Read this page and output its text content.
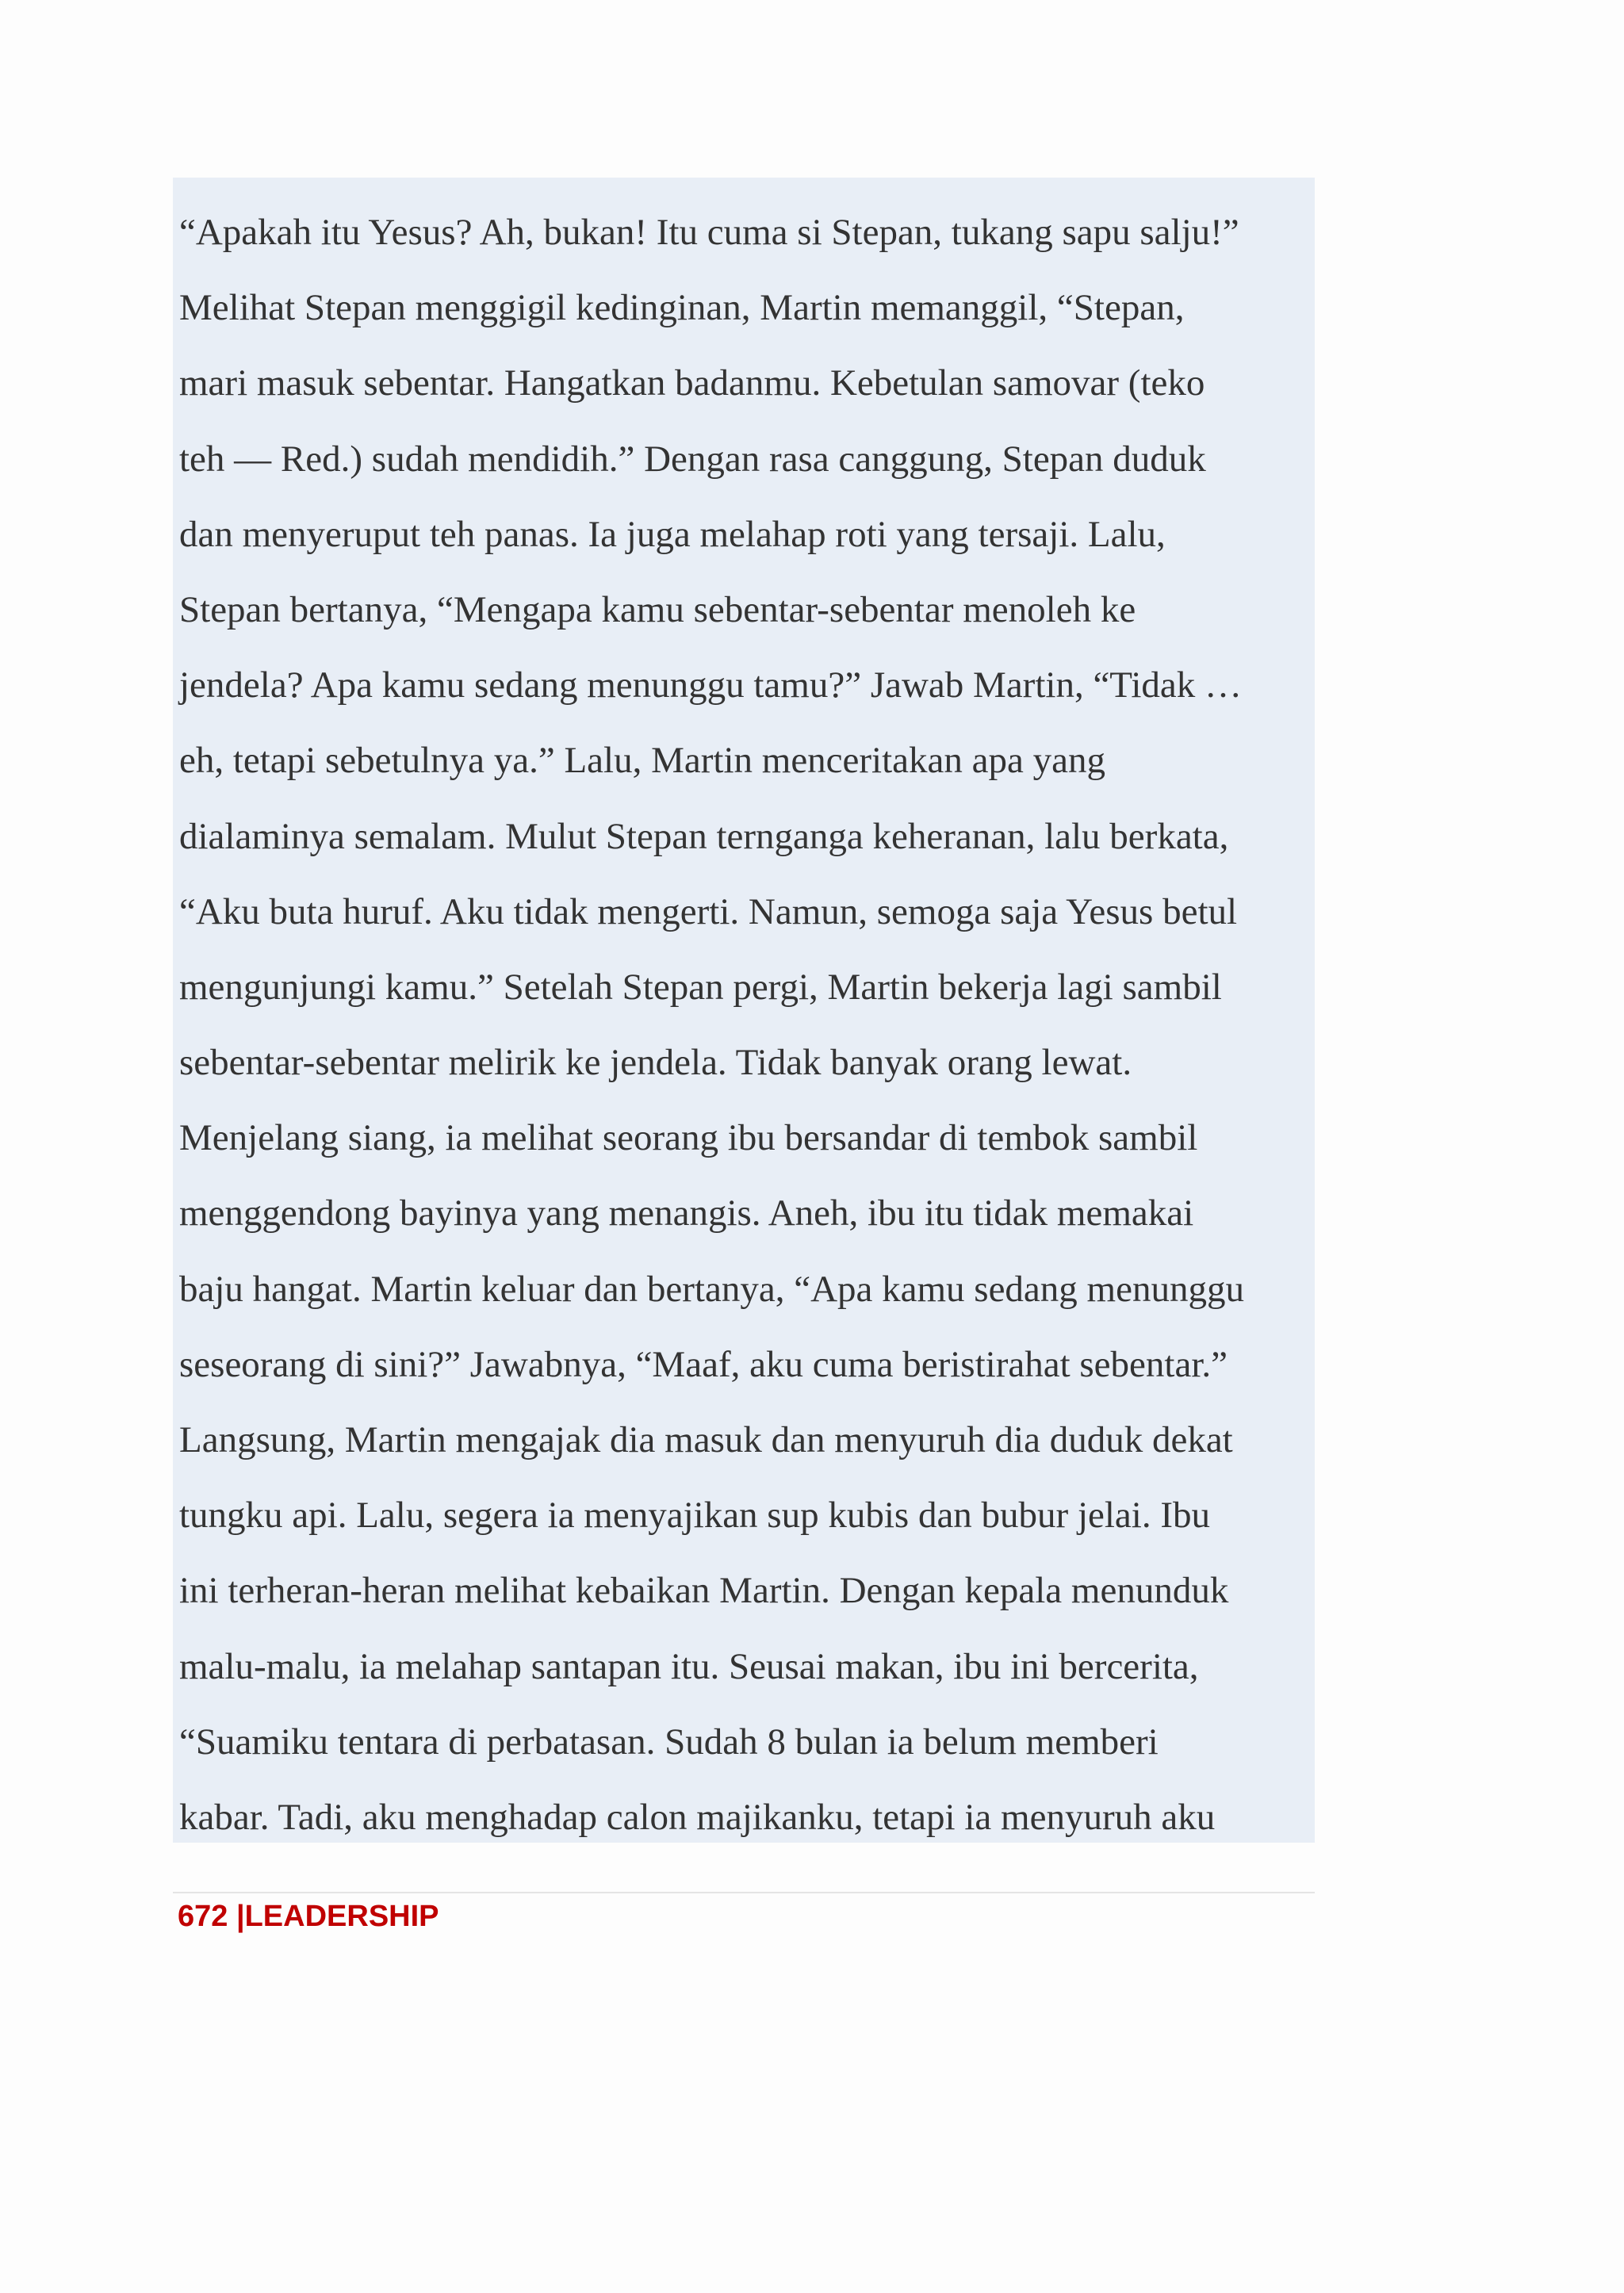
“Apakah itu Yesus? Ah, bukan! Itu cuma si Stepan, tukang sapu salju!”

Melihat Stepan menggigil kedinginan, Martin memanggil, “Stepan,

mari masuk sebentar. Hangatkan badanmu. Kebetulan samovar (teko

teh — Red.) sudah mendidih.” Dengan rasa canggung, Stepan duduk

dan menyeruput teh panas. Ia juga melahap roti yang tersaji. Lalu,

Stepan bertanya, “Mengapa kamu sebentar-sebentar menoleh ke

jendela? Apa kamu sedang menunggu tamu?” Jawab Martin, “Tidak …

eh, tetapi sebetulnya ya.” Lalu, Martin menceritakan apa yang

dialaminya semalam. Mulut Stepan ternganga keheranan, lalu berkata,

“Aku buta huruf. Aku tidak mengerti. Namun, semoga saja Yesus betul

mengunjungi kamu.” Setelah Stepan pergi, Martin bekerja lagi sambil

sebentar-sebentar melirik ke jendela. Tidak banyak orang lewat.

Menjelang siang, ia melihat seorang ibu bersandar di tembok sambil

menggendong bayinya yang menangis. Aneh, ibu itu tidak memakai

baju hangat. Martin keluar dan bertanya, “Apa kamu sedang menunggu

seseorang di sini?” Jawabnya, “Maaf, aku cuma beristirahat sebentar.”

Langsung, Martin mengajak dia masuk dan menyuruh dia duduk dekat

tungku api. Lalu, segera ia menyajikan sup kubis dan bubur jelai. Ibu

ini terheran-heran melihat kebaikan Martin. Dengan kepala menunduk

malu-malu, ia melahap santapan itu. Seusai makan, ibu ini bercerita,

“Suamiku tentara di perbatasan. Sudah 8 bulan ia belum memberi

kabar. Tadi, aku menghadap calon majikanku, tetapi ia menyuruh aku

672 |LEADERSHIP
